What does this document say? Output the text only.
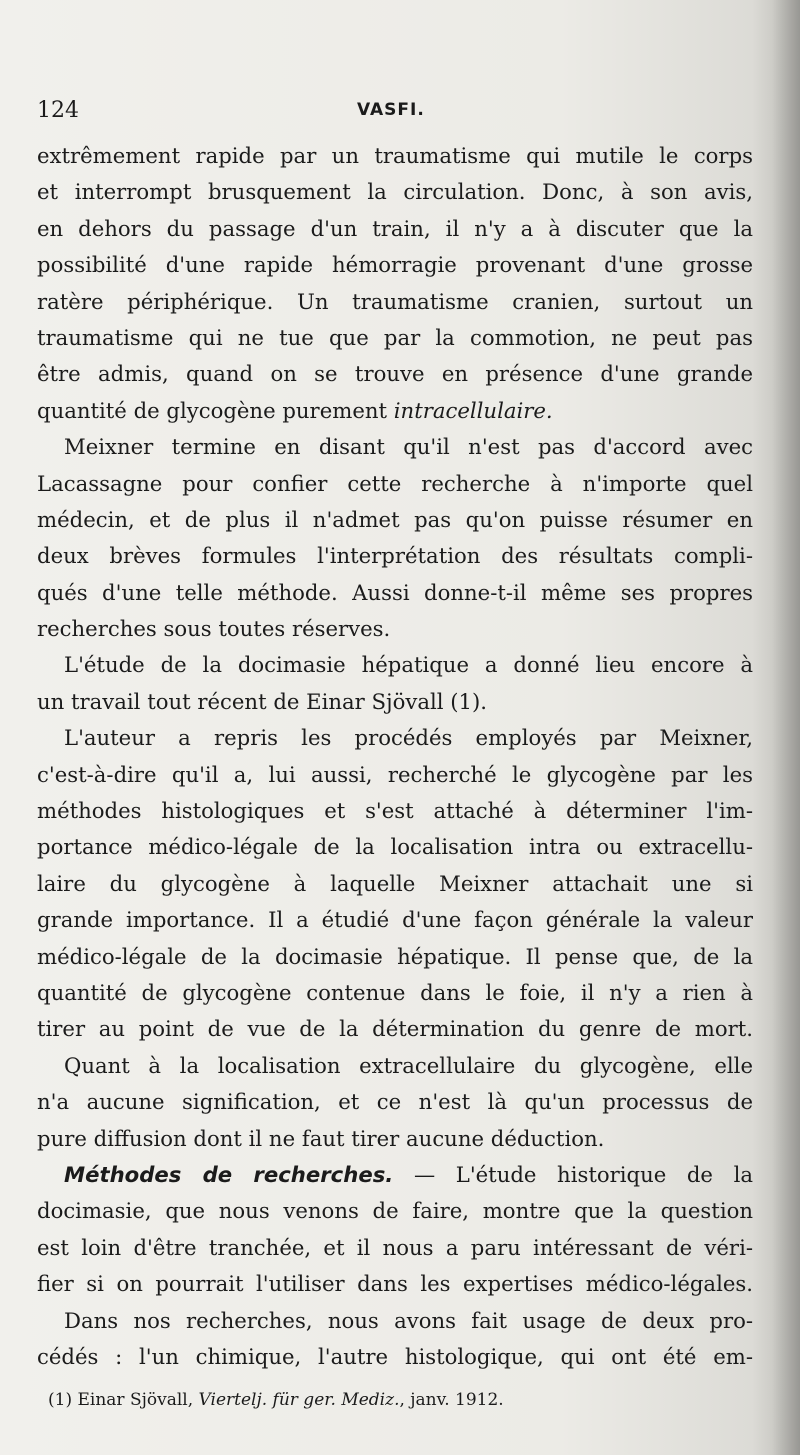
124	VASFI.
extrêmement rapide par un traumatisme qui mutile le corps
et interrompt brusquement la circulation. Donc, à son avis,
en dehors du passage d'un train, il n'y a à discuter que la
possibilité d'une rapide hémorragie provenant d'une grosse
ratère périphérique. Un traumatisme cranien, surtout un
traumatisme qui ne tue que par la commotion, ne peut pas
être admis, quand on se trouve en présence d'une grande
quantité de glycogène purement intracellulaire.
Meixner termine en disant qu'il n'est pas d'accord avec
Lacassagne pour confier cette recherche à n'importe quel
médecin, et de plus il n'admet pas qu'on puisse résumer en
deux brèves formules l'interprétation des résultats compli-
qués d'une telle méthode. Aussi donne-t-il même ses propres
recherches sous toutes réserves.
L'étude de la docimasie hépatique a donné lieu encore à
un travail tout récent de Einar Sjövall (1).
L'auteur a repris les procédés employés par Meixner,
c'est-à-dire qu'il a, lui aussi, recherché le glycogène par les
méthodes histologiques et s'est attaché à déterminer l'im-
portance médico-légale de la localisation intra ou extracellu-
laire du glycogène à laquelle Meixner attachait une si
grande importance. Il a étudié d'une façon générale la valeur
médico-légale de la docimasie hépatique. Il pense que, de la
quantité de glycogène contenue dans le foie, il n'y a rien à
tirer au point de vue de la détermination du genre de mort.
Quant à la localisation extracellulaire du glycogène, elle
n'a aucune signification, et ce n'est là qu'un processus de
pure diffusion dont il ne faut tirer aucune déduction.
Méthodes de recherches. — L'étude historique de la
docimasie, que nous venons de faire, montre que la question
est loin d'être tranchée, et il nous a paru intéressant de véri-
fier si on pourrait l'utiliser dans les expertises médico-légales.
Dans nos recherches, nous avons fait usage de deux pro-
cédés : l'un chimique, l'autre histologique, qui ont été em-
(1) Einar Sjövall, Viertelj. für ger. Mediz., janv. 1912.
